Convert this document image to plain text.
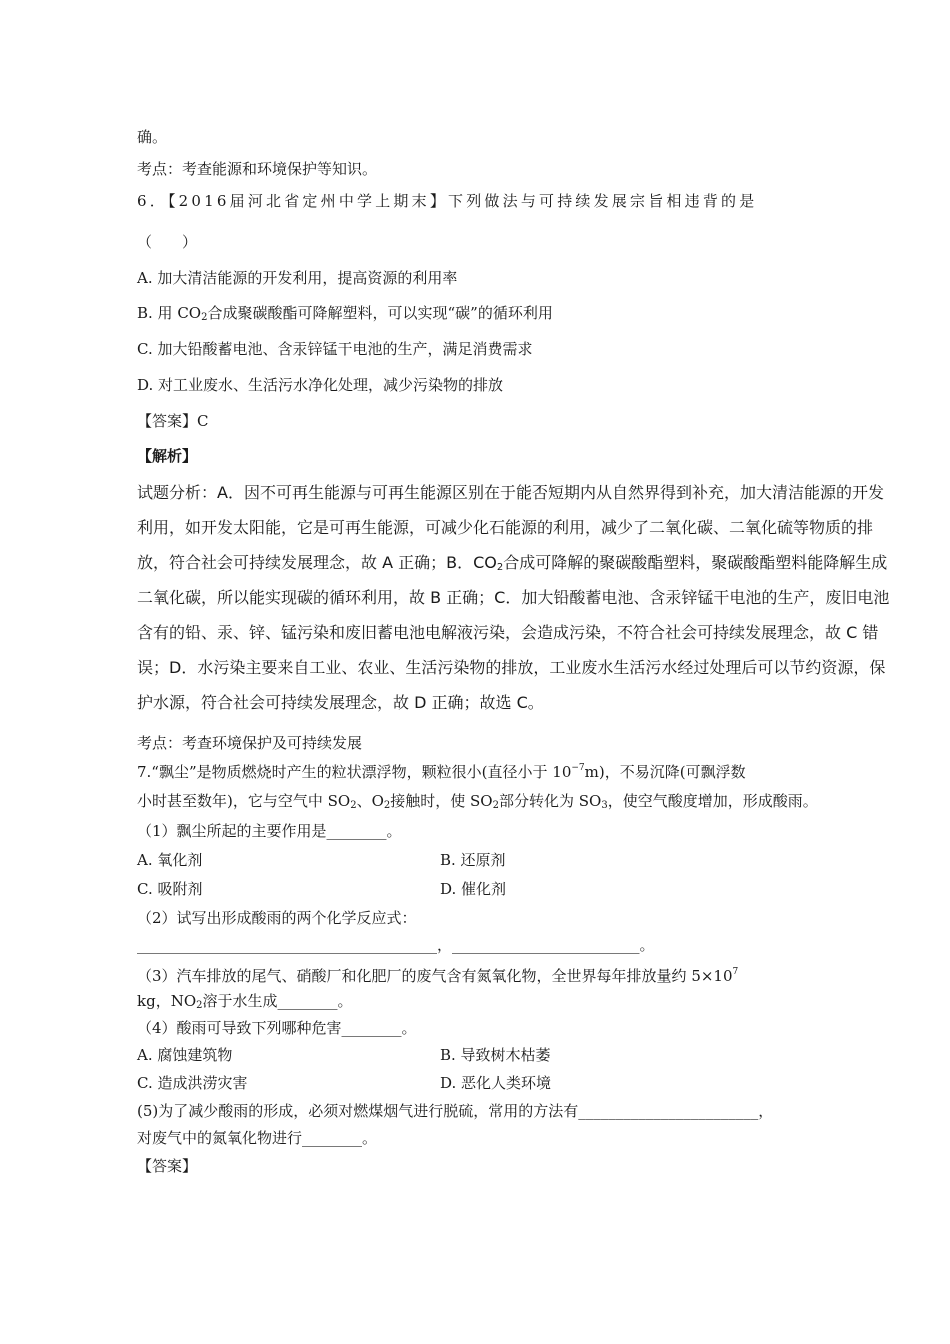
确。
考点：考查能源和环境保护等知识。
6．【2016届河北省定州中学上期末】下列做法与可持续发展宗旨相违背的是
（　　）
A. 加大清洁能源的开发利用，提高资源的利用率
B. 用 $CO_2$合成聚碳酸酯可降解塑料，可以实现“碳”的循环利用
C. 加大铅酸蓄电池、含汞锌锰干电池的生产，满足消费需求
D. 对工业废水、生活污水净化处理，减少污染物的排放
【答案】C
【解析】
试题分析：A．因不可再生能源与可再生能源区别在于能否短期内从自然界得到补充，加大清洁能源的开发
利用，如开发太阳能，它是可再生能源，可减少化石能源的利用，减少了二氧化碳、二氧化硫等物质的排
放，符合社会可持续发展理念，故 A 正确；B．$CO_2$合成可降解的聚碳酸酯塑料，聚碳酸酯塑料能降解生成
二氧化碳，所以能实现碳的循环利用，故 B 正确；C．加大铅酸蓄电池、含汞锌锰干电池的生产，废旧电池
含有的铅、汞、锌、锰污染和废旧蓄电池电解液污染，会造成污染，不符合社会可持续发展理念，故 C 错
误；D．水污染主要来自工业、农业、生活污染物的排放，工业废水生活污水经过处理后可以节约资源，保
护水源，符合社会可持续发展理念，故 D 正确；故选 C。
考点：考查环境保护及可持续发展
7.“飘尘”是物质燃烧时产生的粒状漂浮物，颗粒很小(直径小于 $10^{-7}m$)，不易沉降(可飘浮数
小时甚至数年)，它与空气中 $SO_2$、$O_2$接触时，使 $SO_2$部分转化为 $SO_3$，使空气酸度增加，形成酸雨。
（1）飘尘所起的主要作用是________。
A. 氧化剂	B. 还原剂
C. 吸附剂	D. 催化剂
（2）试写出形成酸雨的两个化学反应式：
________________________________________，_________________________。
（3）汽车排放的尾气、硝酸厂和化肥厂的废气含有氮氧化物，全世界每年排放量约 $5\times 10^7$
kg，$NO_2$溶于水生成________。
（4）酸雨可导致下列哪种危害________。
A. 腐蚀建筑物	B. 导致树木枯萎
C. 造成洪涝灾害	D. 恶化人类环境
(5)为了减少酸雨的形成，必须对燃煤烟气进行脱硫，常用的方法有________________________，
对废气中的氮氧化物进行________。
【答案】
